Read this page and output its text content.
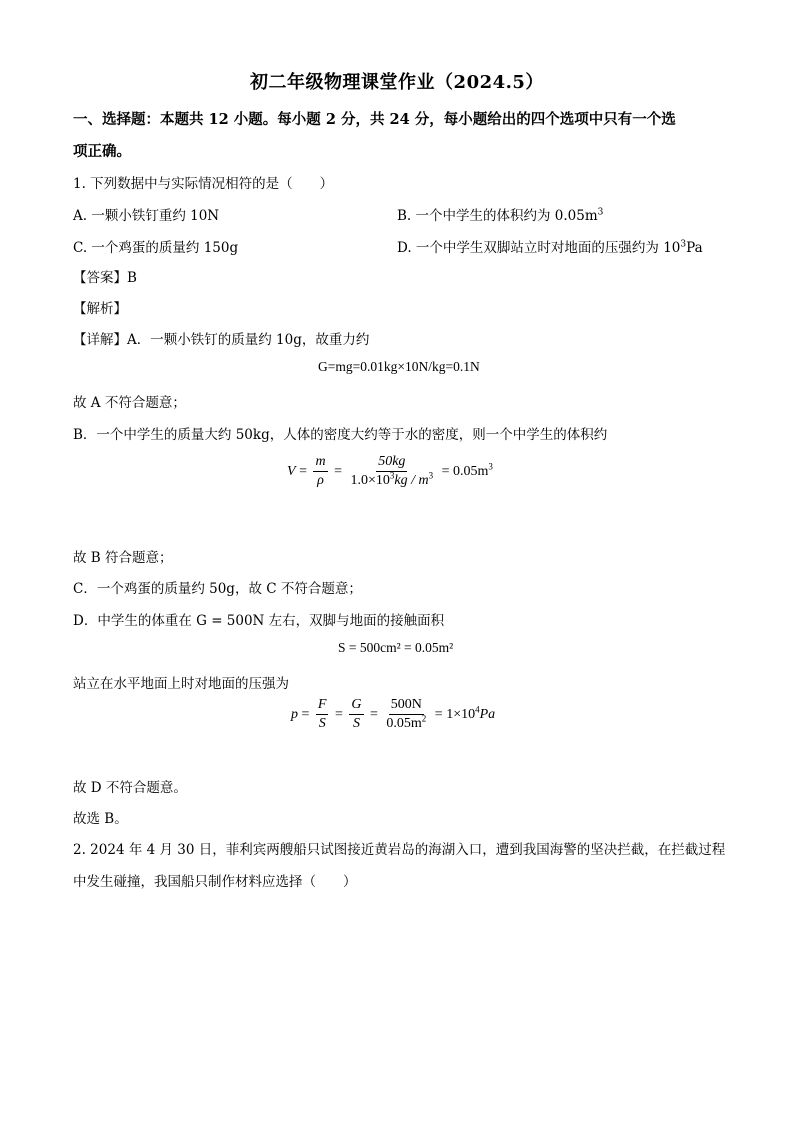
初二年级物理课堂作业（2024.5）
一、选择题：本题共 12 小题。每小题 2 分，共 24 分，每小题给出的四个选项中只有一个选
项正确。
1. 下列数据中与实际情况相符的是（　　）
A. 一颗小铁钉重约 10N	B. 一个中学生的体积约为 $0.05m^3$
C. 一个鸡蛋的质量约 150g	D. 一个中学生双脚站立时对地面的压强约为 $10^3Pa$
【答案】B
【解析】
【详解】A．一颗小铁钉的质量约 10g，故重力约
G=mg=0.01kg×10N/kg=0.1N
故 A 不符合题意；
B．一个中学生的质量大约 50kg，人体的密度大约等于水的密度，则一个中学生的体积约
$V = \frac{m}{\rho} = \frac{50kg}{1.0\times 10^3kg / m^3} = 0.05m^3$
故 B 符合题意；
C．一个鸡蛋的质量约 50g，故 C 不符合题意；
D．中学生的体重在 G = 500N 左右，双脚与地面的接触面积
S = 500cm² = 0.05m²
站立在水平地面上时对地面的压强为
$p = \frac{F}{S} = \frac{G}{S} = \frac{500N}{0.05m^2} = 1\times 10^4Pa$
故 D 不符合题意。
故选 B。
2. 2024 年 4 月 30 日，菲利宾两艘船只试图接近黄岩岛的海湖入口，遭到我国海警的坚决拦截，在拦截过程
中发生碰撞，我国船只制作材料应选择（　　）
